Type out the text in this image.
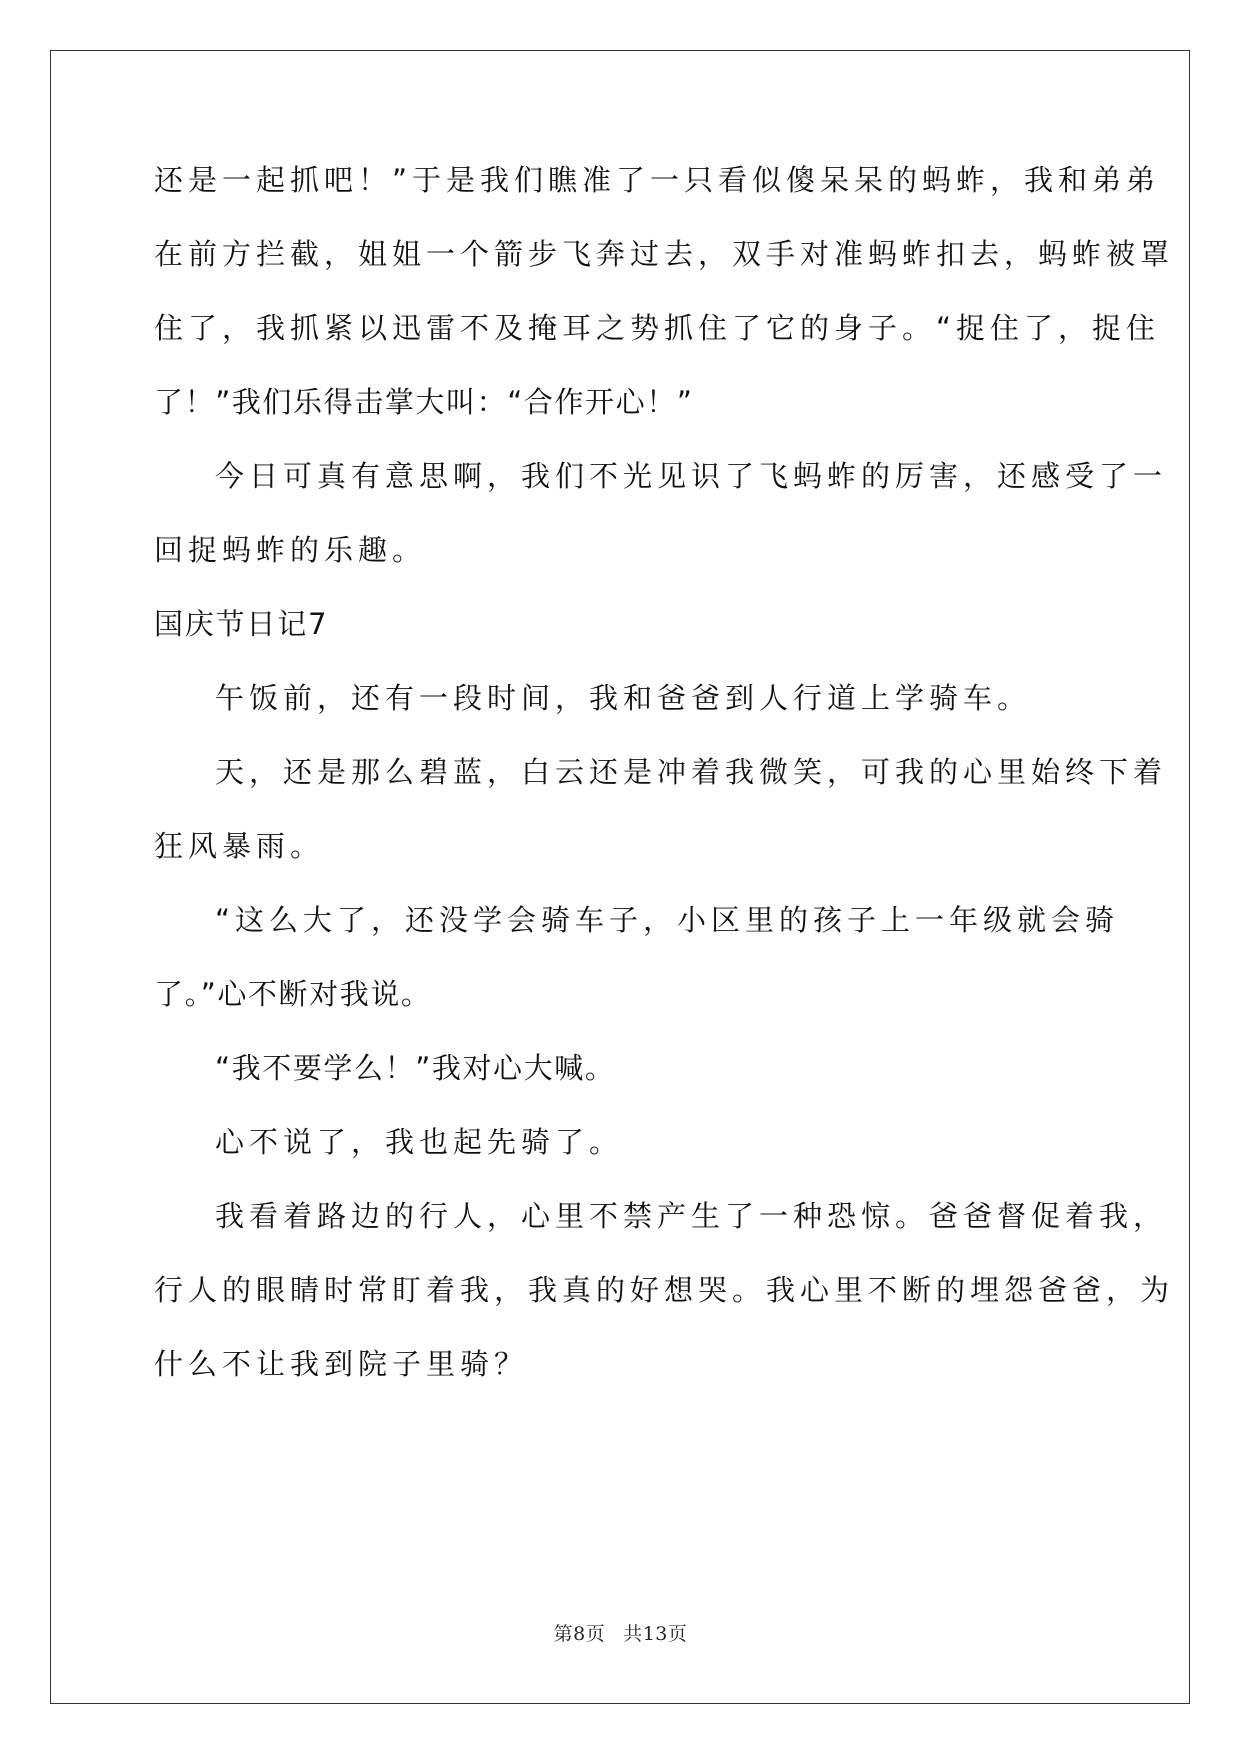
还是一起抓吧！”于是我们瞧准了一只看似傻呆呆的蚂蚱，我和弟弟
在前方拦截，姐姐一个箭步飞奔过去，双手对准蚂蚱扣去，蚂蚱被罩
住了，我抓紧以迅雷不及掩耳之势抓住了它的身子。“捉住了，捉住
了！”我们乐得击掌大叫：“合作开心！”
今日可真有意思啊，我们不光见识了飞蚂蚱的厉害，还感受了一
回捉蚂蚱的乐趣。
国庆节日记7
午饭前，还有一段时间，我和爸爸到人行道上学骑车。
天，还是那么碧蓝，白云还是冲着我微笑，可我的心里始终下着
狂风暴雨。
“这么大了，还没学会骑车子，小区里的孩子上一年级就会骑
了。”心不断对我说。
“我不要学么！”我对心大喊。
心不说了，我也起先骑了。
我看着路边的行人，心里不禁产生了一种恐惊。爸爸督促着我，
行人的眼睛时常盯着我，我真的好想哭。我心里不断的埋怨爸爸，为
什么不让我到院子里骑？
第8页 共13页
